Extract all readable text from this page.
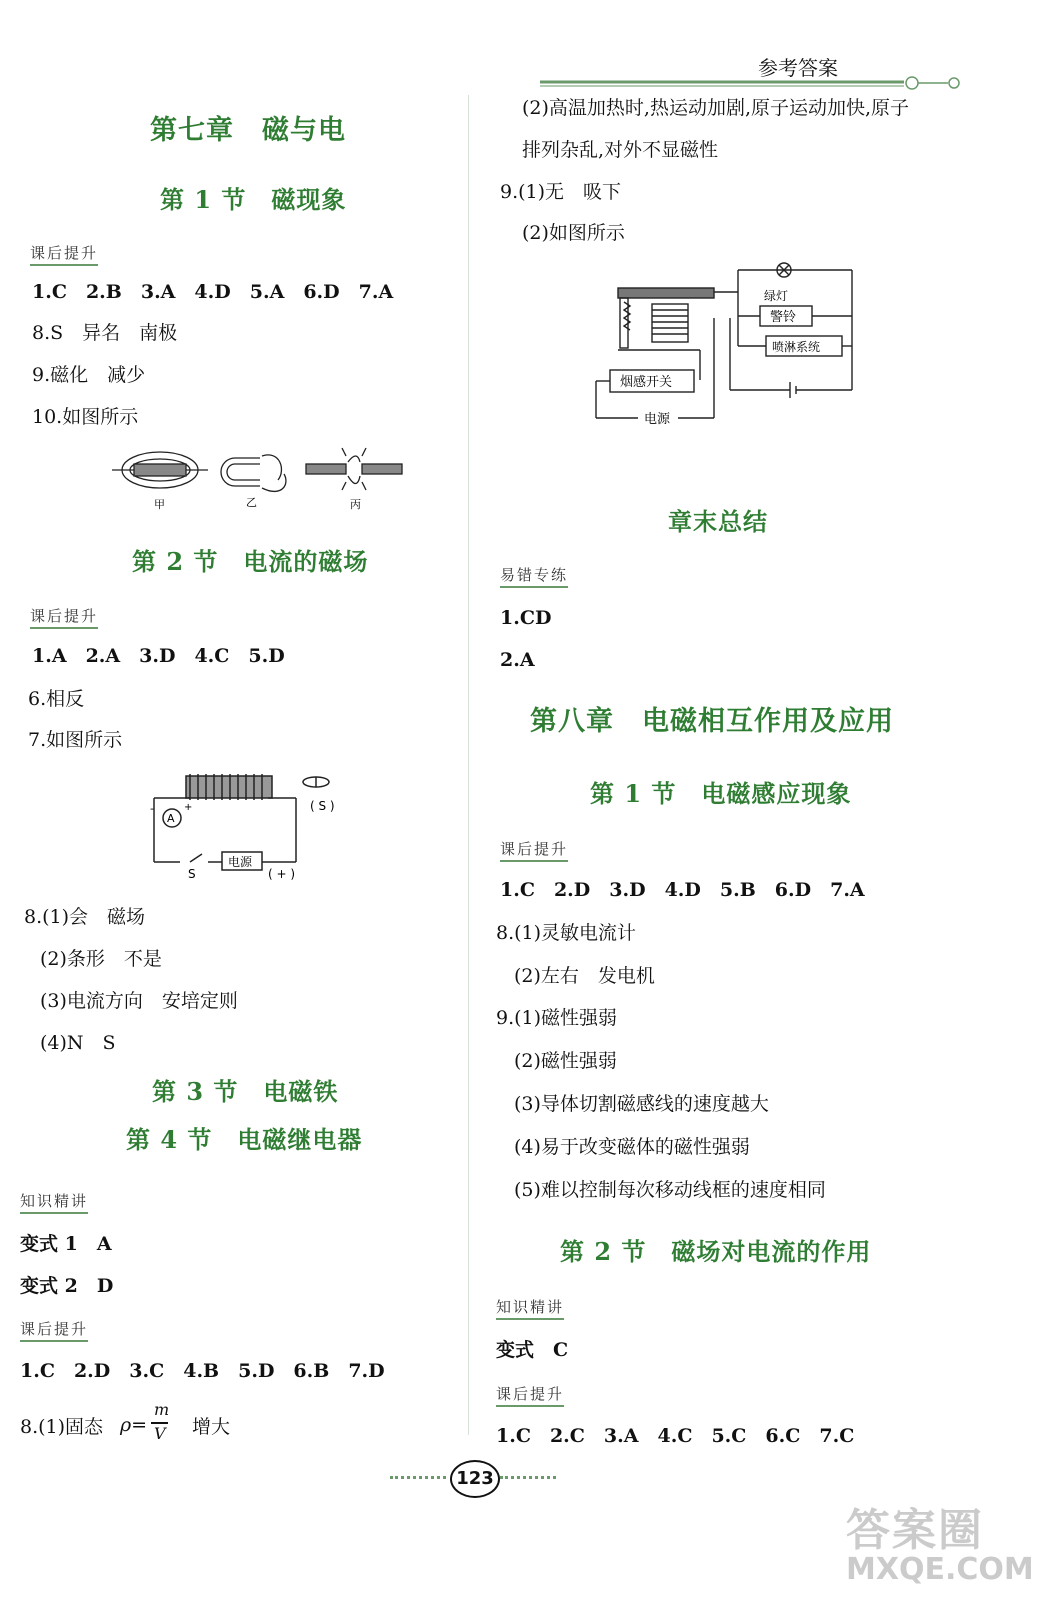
参考答案
第七章　磁与电
第 1 节　磁现象
课后提升
1.C　2.B　3.A　4.D　5.A　6.D　7.A
8.S　异名　南极
9.磁化　减少
10.如图所示
甲	乙	丙
第 2 节　电流的磁场
课后提升
1.A　2.A　3.D　4.C　5.D
6.相反
7.如图所示
A
-	+
电源
S
( S )
( + )
8.(1)会　磁场
(2)条形　不是
(3)电流方向　安培定则
(4)N　S
第 3 节　电磁铁
第 4 节　电磁继电器
知识精讲
变式 1　A
变式 2　D
课后提升
1.C　2.D　3.C　4.B　5.D　6.B　7.D

8.(1)固态

ρ=

m

V

增大

(2)高温加热时,热运动加剧,原子运动加快,原子
排列杂乱,对外不显磁性
9.(1)无　吸下
(2)如图所示
绿灯
警铃
喷淋系统
烟感开关
电源
章末总结
易错专练
1.CD
2.A
第八章　电磁相互作用及应用
第 1 节　电磁感应现象
课后提升
1.C　2.D　3.D　4.D　5.B　6.D　7.A
8.(1)灵敏电流计
(2)左右　发电机
9.(1)磁性强弱
(2)磁性强弱
(3)导体切割磁感线的速度越大
(4)易于改变磁体的磁性强弱
(5)难以控制每次移动线框的速度相同
第 2 节　磁场对电流的作用
知识精讲
变式　C
课后提升
1.C　2.C　3.A　4.C　5.C　6.C　7.C
123
答案圈
MXQE.COM
